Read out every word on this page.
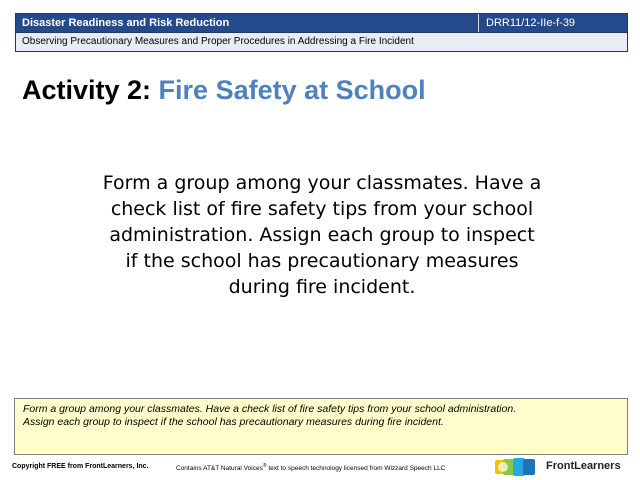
Disaster Readiness and Risk Reduction	DRR11/12-IIe-f-39
Observing Precautionary Measures and Proper Procedures in Addressing a Fire Incident
Activity 2: Fire Safety at School
Form a group among your classmates. Have a
check list of fire safety tips from your school
administration. Assign each group to inspect
if the school has precautionary measures
during fire incident.
Form a group among your classmates. Have a check list of fire safety tips from your school administration.
Assign each group to inspect if the school has precautionary measures during fire incident.
Copyright FREE from FrontLearners, Inc.	Contains AT&T Natural Voices® text to speech technology licensed from Wizzard Speech LLC	FrontLearners
